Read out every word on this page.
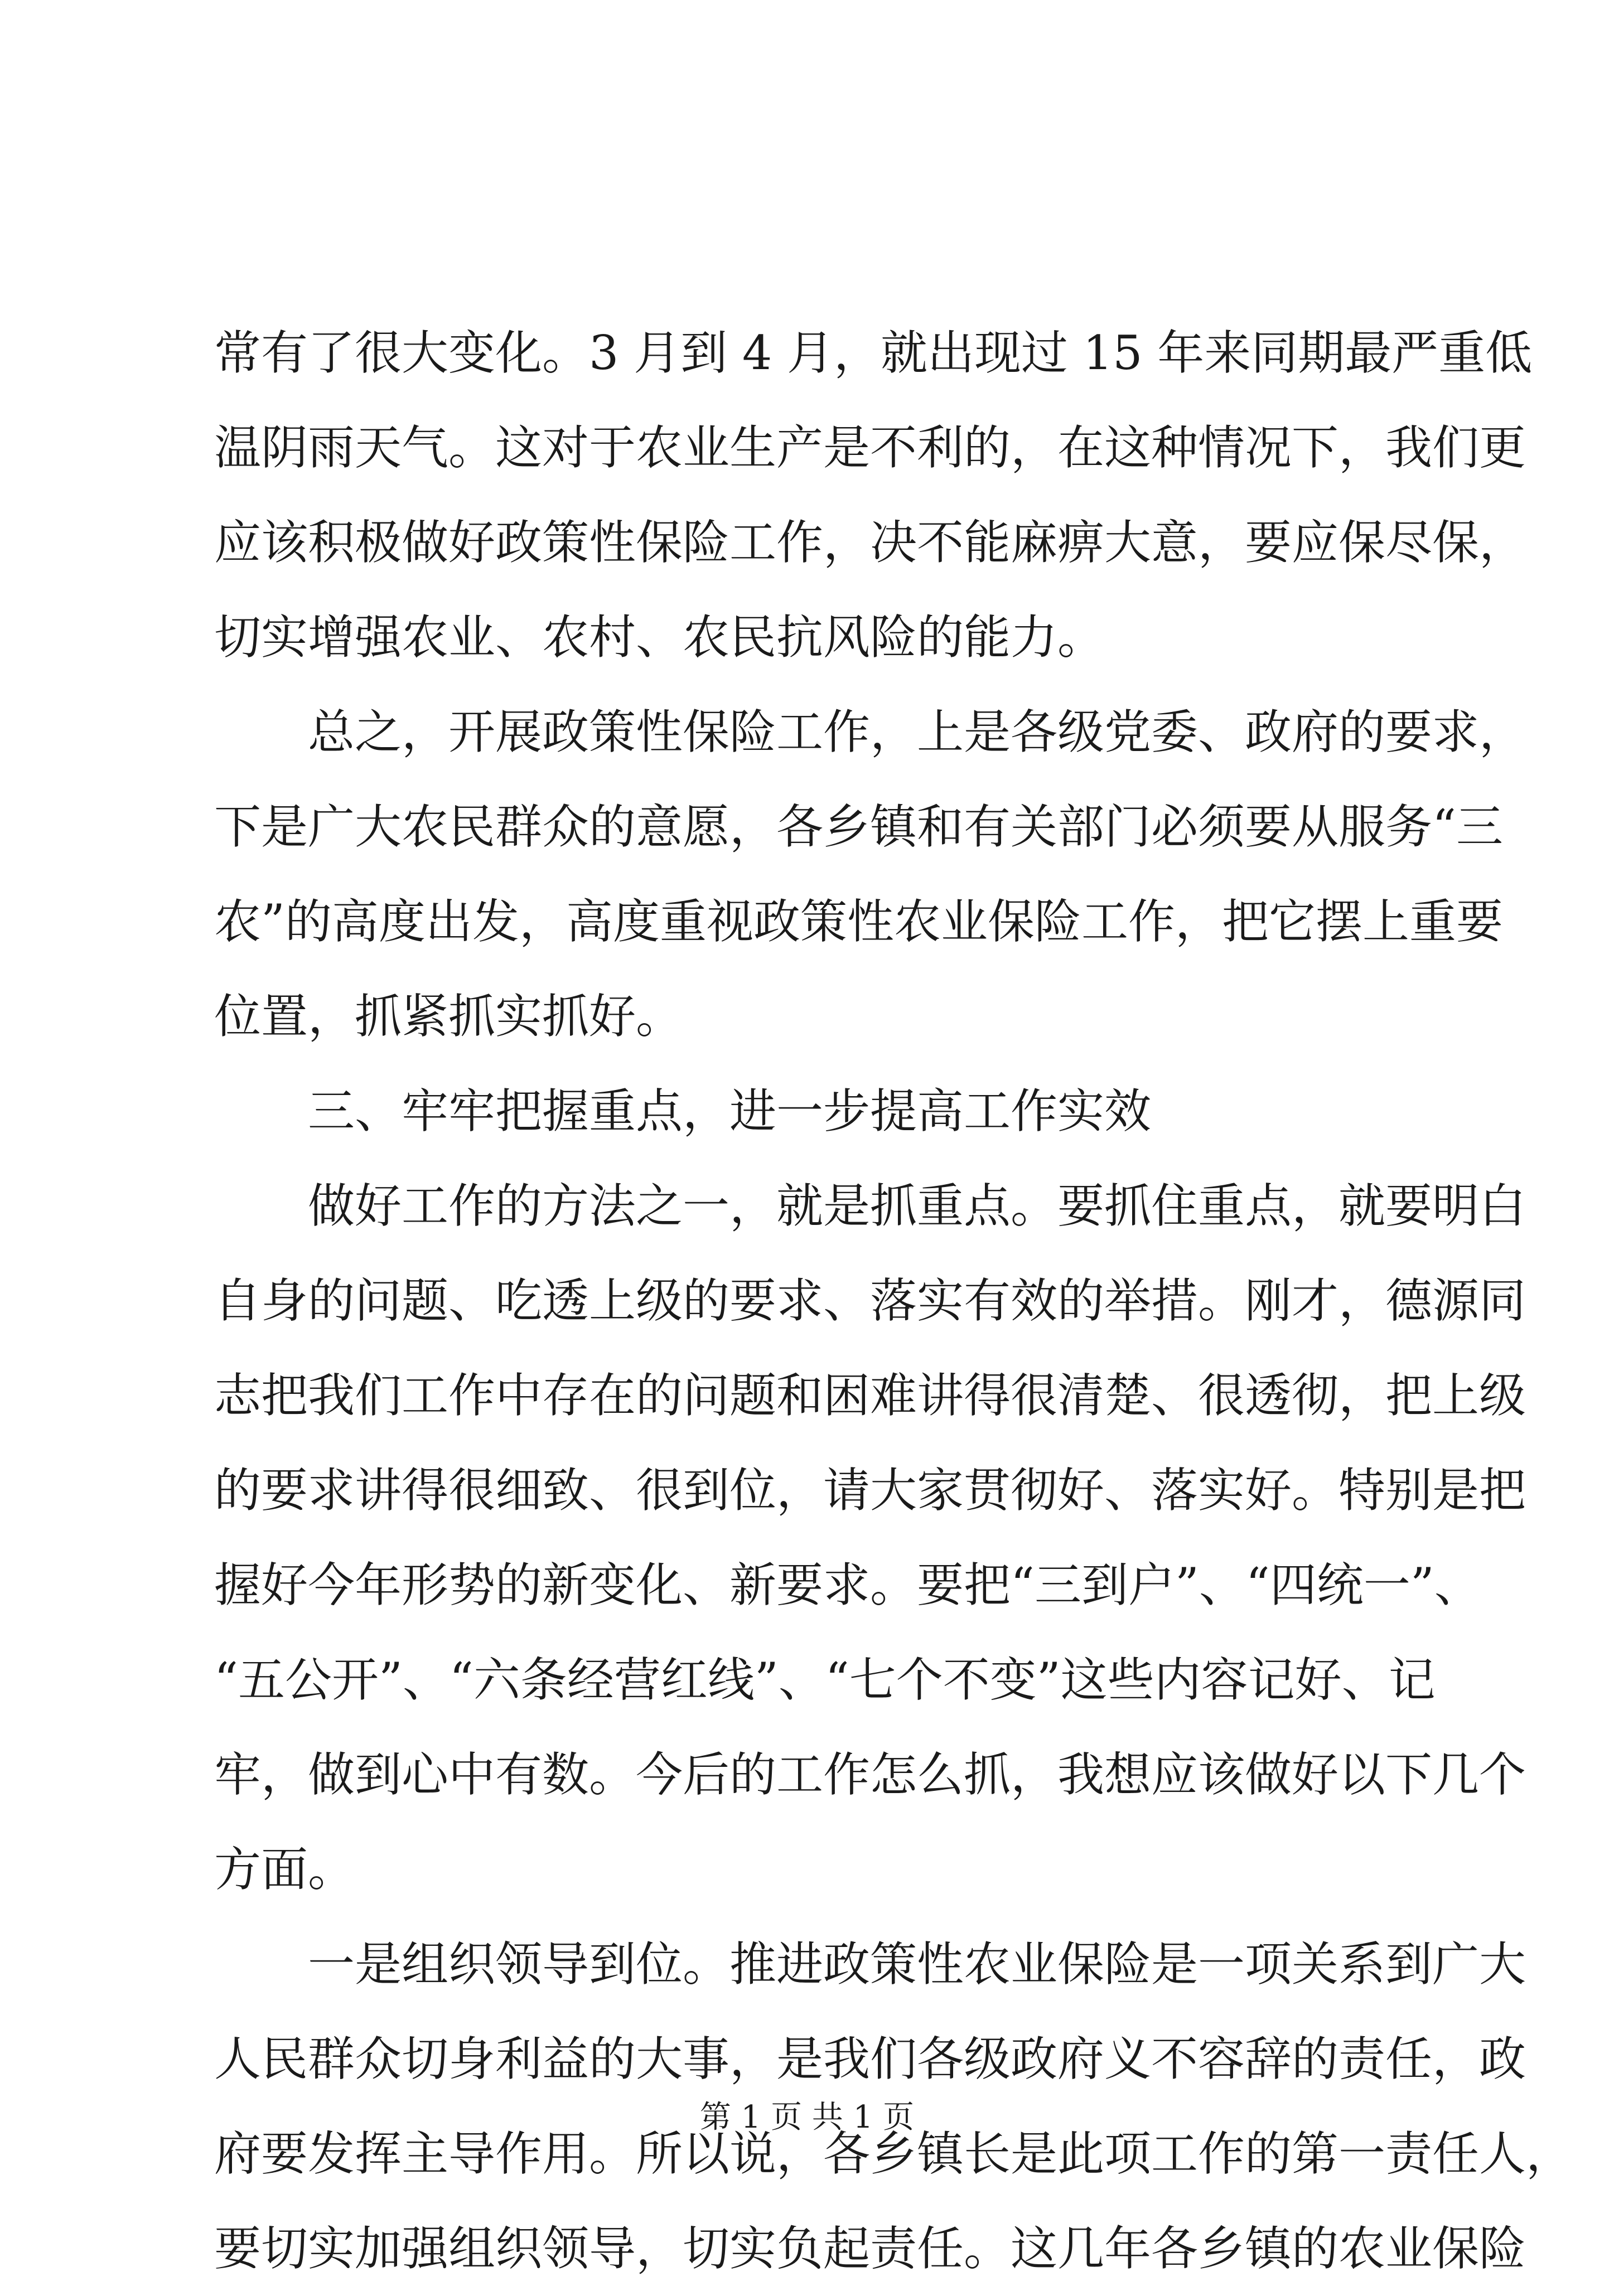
常有了很大变化。3 月到 4 月，就出现过 15 年来同期最严重低
温阴雨天气。这对于农业生产是不利的，在这种情况下，我们更
应该积极做好政策性保险工作，决不能麻痹大意，要应保尽保，
切实增强农业、农村、农民抗风险的能力。
　　总之，开展政策性保险工作，上是各级党委、政府的要求，
下是广大农民群众的意愿，各乡镇和有关部门必须要从服务“三
农”的高度出发，高度重视政策性农业保险工作，把它摆上重要
位置，抓紧抓实抓好。
　　三、牢牢把握重点，进一步提高工作实效
　　做好工作的方法之一，就是抓重点。要抓住重点，就要明白
自身的问题、吃透上级的要求、落实有效的举措。刚才，德源同
志把我们工作中存在的问题和困难讲得很清楚、很透彻，把上级
的要求讲得很细致、很到位，请大家贯彻好、落实好。特别是把
握好今年形势的新变化、新要求。要把“三到户”、“四统一”、
“五公开”、“六条经营红线”、“七个不变”这些内容记好、记
牢，做到心中有数。今后的工作怎么抓，我想应该做好以下几个
方面。
　　一是组织领导到位。推进政策性农业保险是一项关系到广大
人民群众切身利益的大事，是我们各级政府义不容辞的责任，政
府要发挥主导作用。所以说，各乡镇长是此项工作的第一责任人，
要切实加强组织领导，切实负起责任。这几年各乡镇的农业保险
第 1 页 共 1 页
